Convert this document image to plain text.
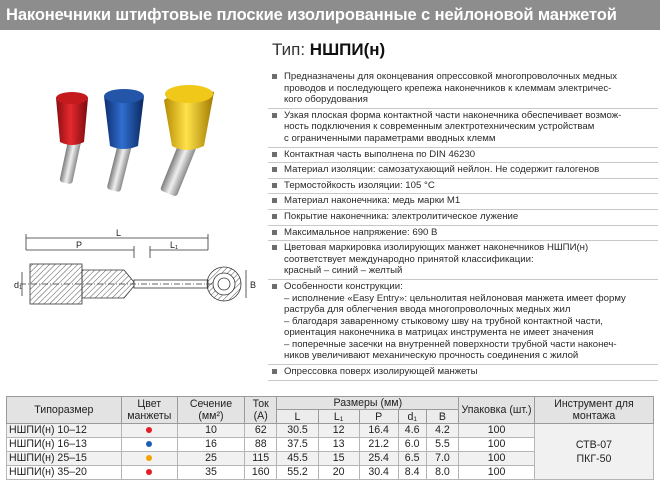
Наконечники штифтовые плоские изолированные с нейлоновой манжетой
L
P	L₁
d₁	B
Тип: НШПИ(н)
Предназначены для оконцевания опрессовкой многопроволочных медных
проводов и последующего крепежа наконечников к клеммам электричес-
кого оборудования
Узкая плоская форма контактной части наконечника обеспечивает возмож-
ность подключения к современным электротехническим устройствам
с ограниченными параметрами вводных клемм
Контактная часть выполнена по DIN 46230
Материал изоляции: самозатухающий нейлон. Не содержит галогенов
Термостойкость изоляции: 105 °С
Материал наконечника: медь марки М1
Покрытие наконечника: электролитическое лужение
Максимальное напряжение: 690 В
Цветовая маркировка изолирующих манжет наконечников НШПИ(н)
соответствует международно принятой классификации:
красный – синий – желтый
Особенности конструкции:
– исполнение «Easy Entry»: цельнолитая нейлоновая манжета имеет форму
раструба для облегчения ввода многопроволочных медных жил
– благодаря заваренному стыковому шву на трубной контактной части,
ориентация наконечника в матрицах инструмента не имеет значения
– поперечные засечки на внутренней поверхности трубной части наконеч-
ников увеличивают механическую прочность соединения с жилой
Опрессовка поверх изолирующей манжеты
Типоразмер	Цвет манжеты	Сечение (мм²)	Ток (А)	Размеры (мм)					Упаковка (шт.)	Инструмент для монтажа
				L	L₁	P	d₁	B		
НШПИ(н) 10–12		10	62	30.5	12	16.4	4.6	4.2	100	СТВ-07
ПКГ-50

НШПИ(н) 16–13		16	88	37.5	13	21.2	6.0	5.5	100	
НШПИ(н) 25–15		25	115	45.5	15	25.4	6.5	7.0	100	
НШПИ(н) 35–20		35	160	55.2	20	30.4	8.4	8.0	100	
